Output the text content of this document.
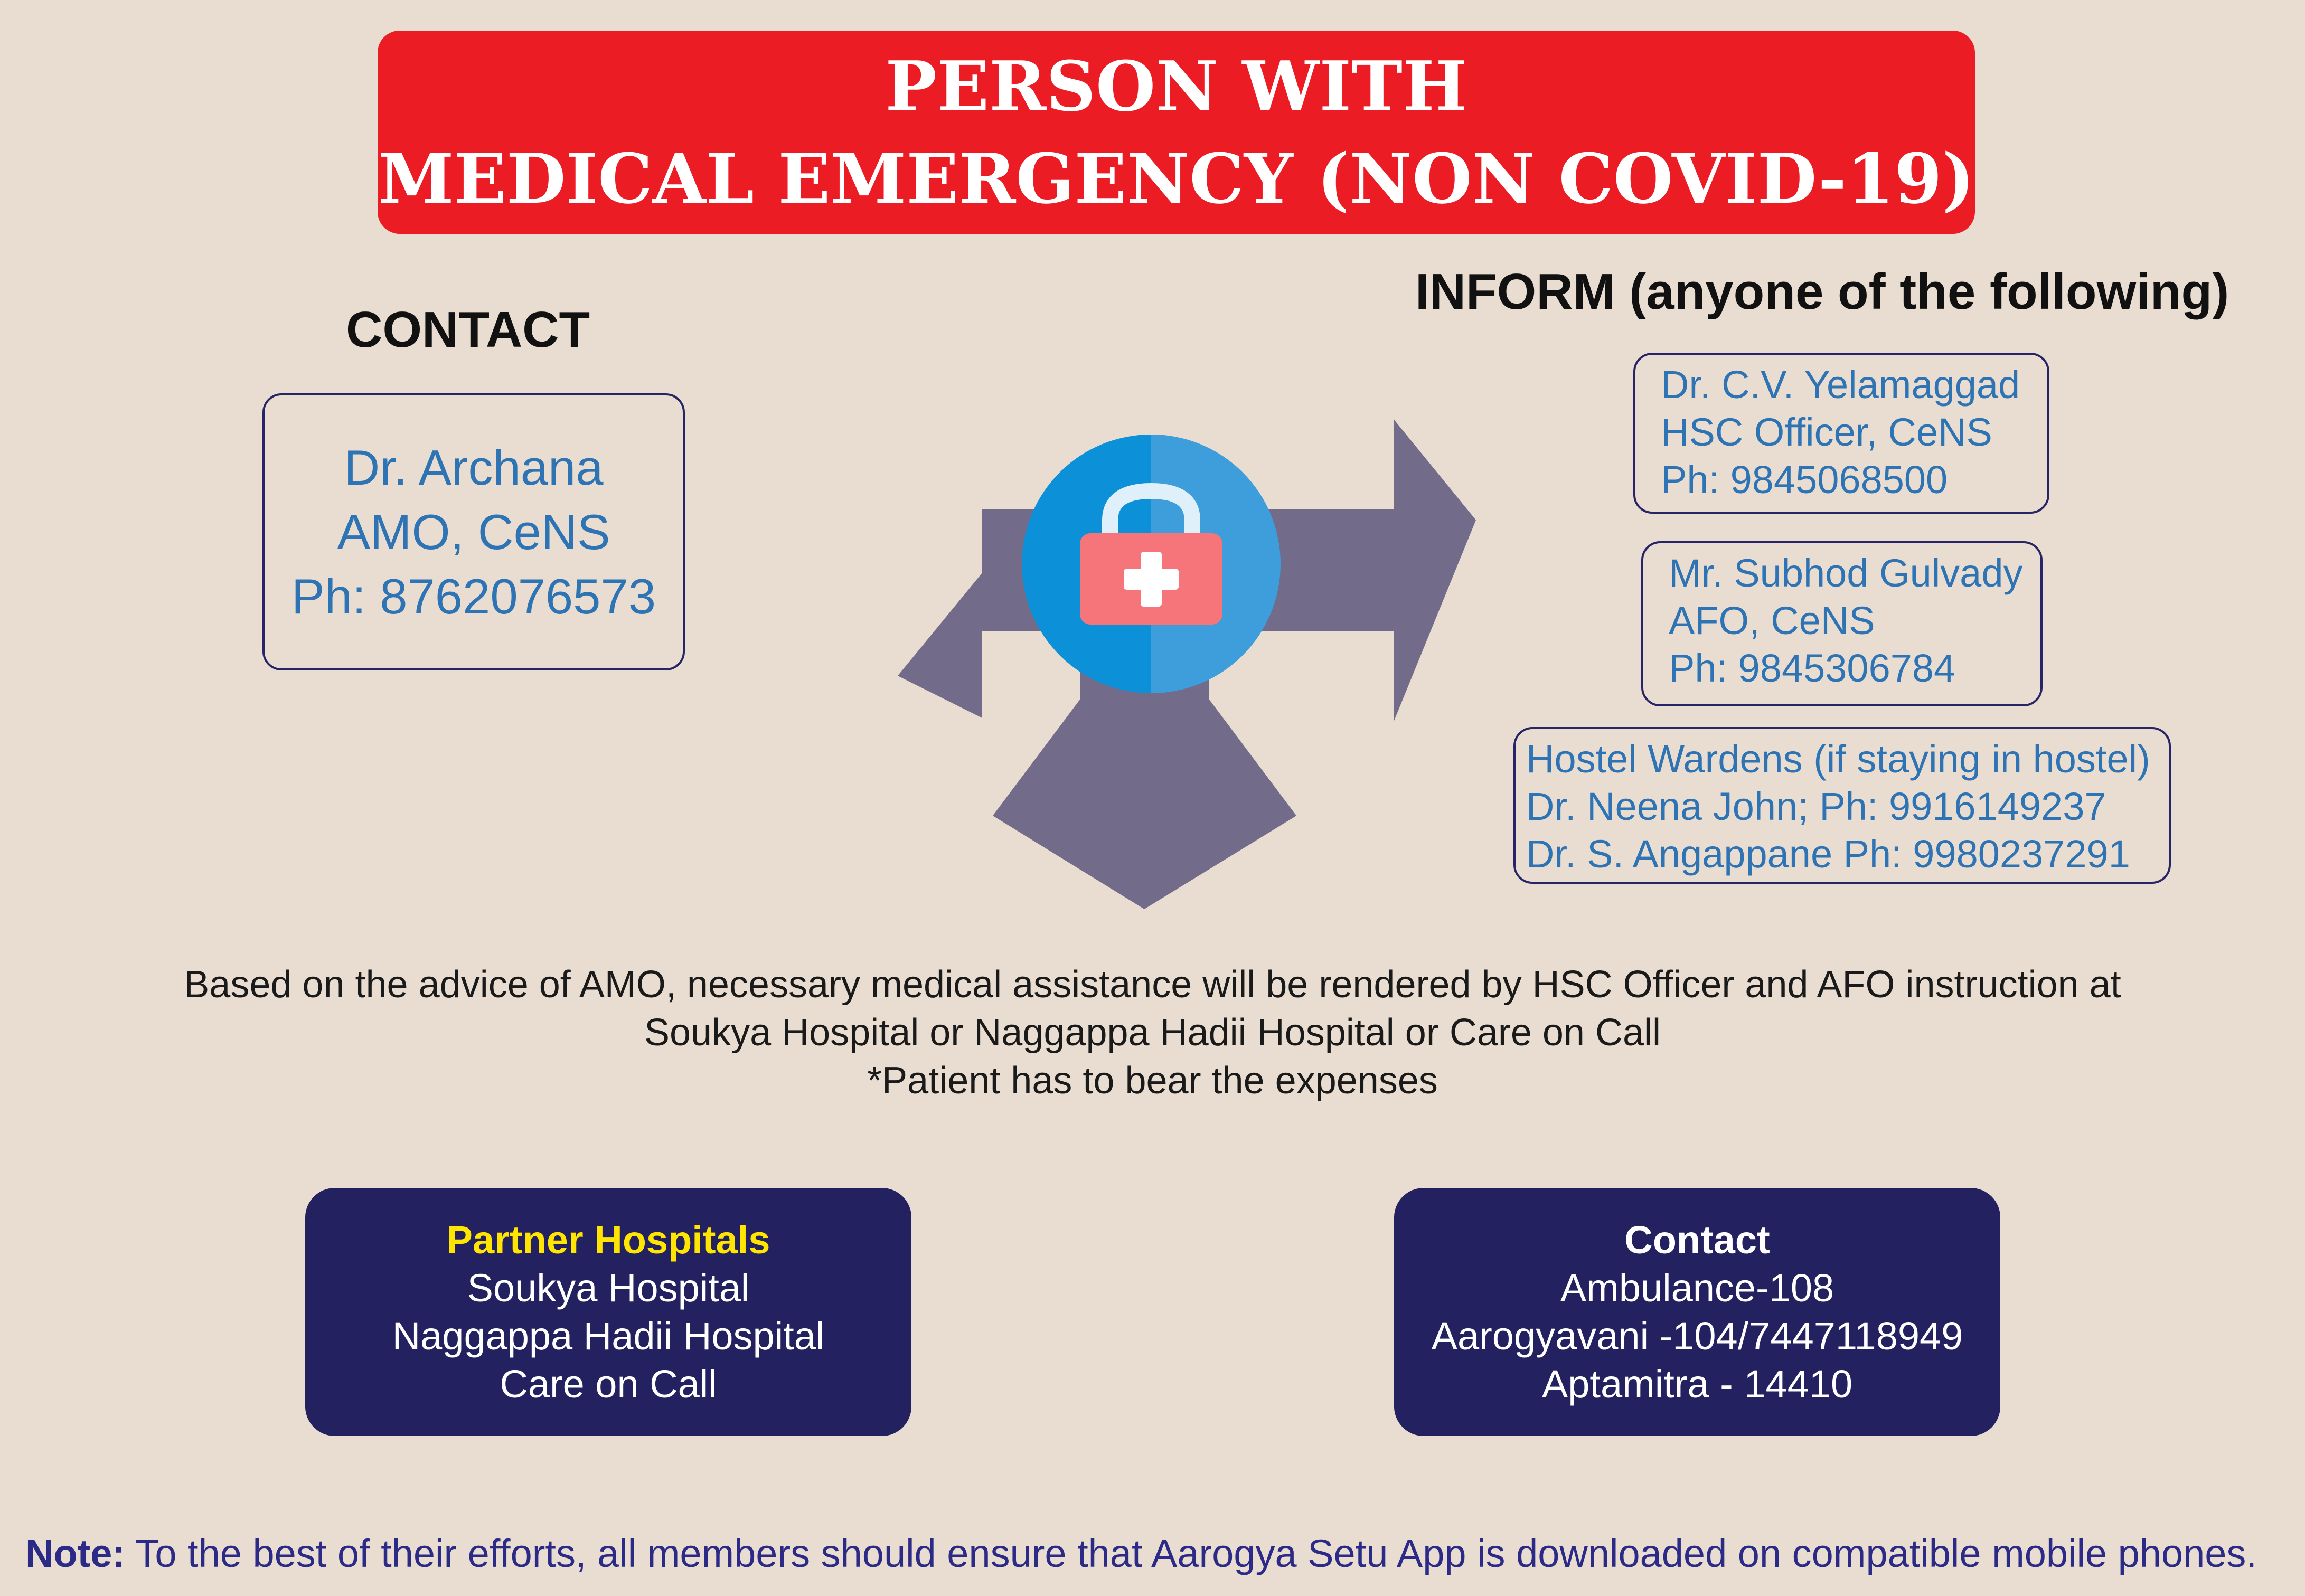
PERSON WITH
MEDICAL EMERGENCY (NON COVID-19)
CONTACT
Dr. Archana
AMO, CeNS
Ph: 8762076573
INFORM (anyone of the following)
Dr. C.V. Yelamaggad
HSC Officer, CeNS
Ph: 9845068500
Mr. Subhod Gulvady
AFO, CeNS
Ph: 9845306784
Hostel Wardens (if staying in hostel)
Dr. Neena John; Ph: 9916149237
Dr. S. Angappane Ph: 9980237291
Based on the advice of AMO, necessary medical assistance will be rendered by HSC Officer and AFO instruction at
Soukya Hospital or Naggappa Hadii Hospital or Care on Call
*Patient has to bear the expenses
Partner Hospitals
Soukya Hospital
Naggappa Hadii Hospital
Care on Call
Contact
Ambulance-108
Aarogyavani -104/7447118949
Aptamitra - 14410
Note: To the best of their efforts, all members should ensure that Aarogya Setu App is downloaded on compatible mobile phones.
